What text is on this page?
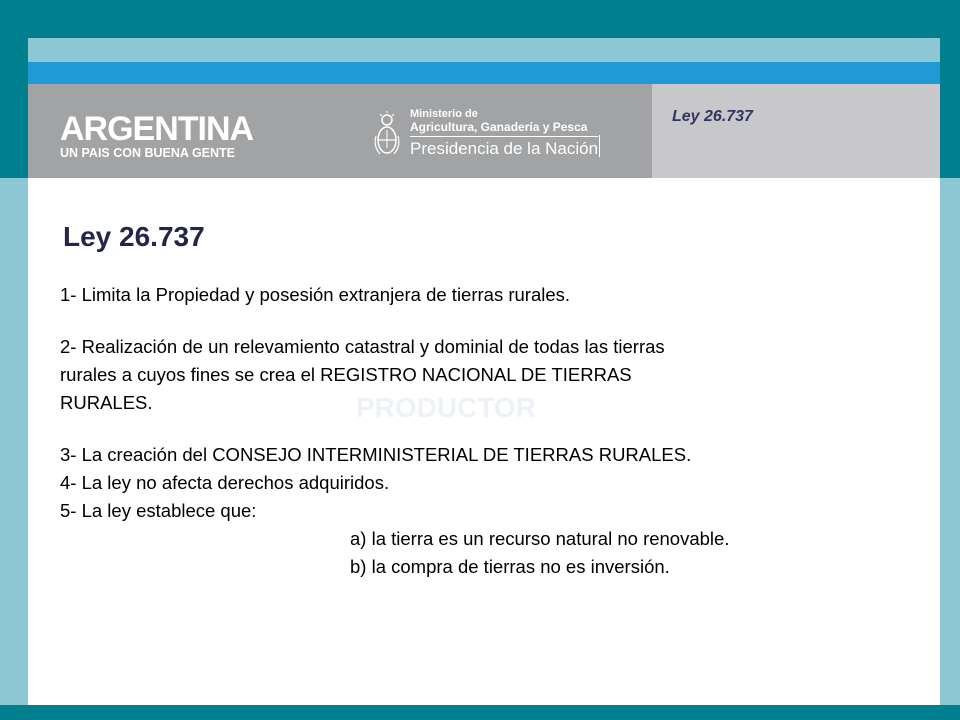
ARGENTINA
UN PAIS CON BUENA GENTE
Ministerio de
Agricultura, Ganadería y Pesca
Presidencia de la Nación
Ley 26.737
PRODUCTOR
Ley 26.737

1- Limita la Propiedad y posesión extranjera de tierras rurales.

2- Realización de un relevamiento catastral y dominial de todas las tierras

rurales a cuyos fines se crea el REGISTRO NACIONAL DE TIERRAS

RURALES.

3- La creación del CONSEJO INTERMINISTERIAL DE TIERRAS RURALES.

4- La ley no afecta derechos adquiridos.

5- La ley establece que:

a) la tierra es un recurso natural no renovable.

b) la compra de tierras no es inversión.
